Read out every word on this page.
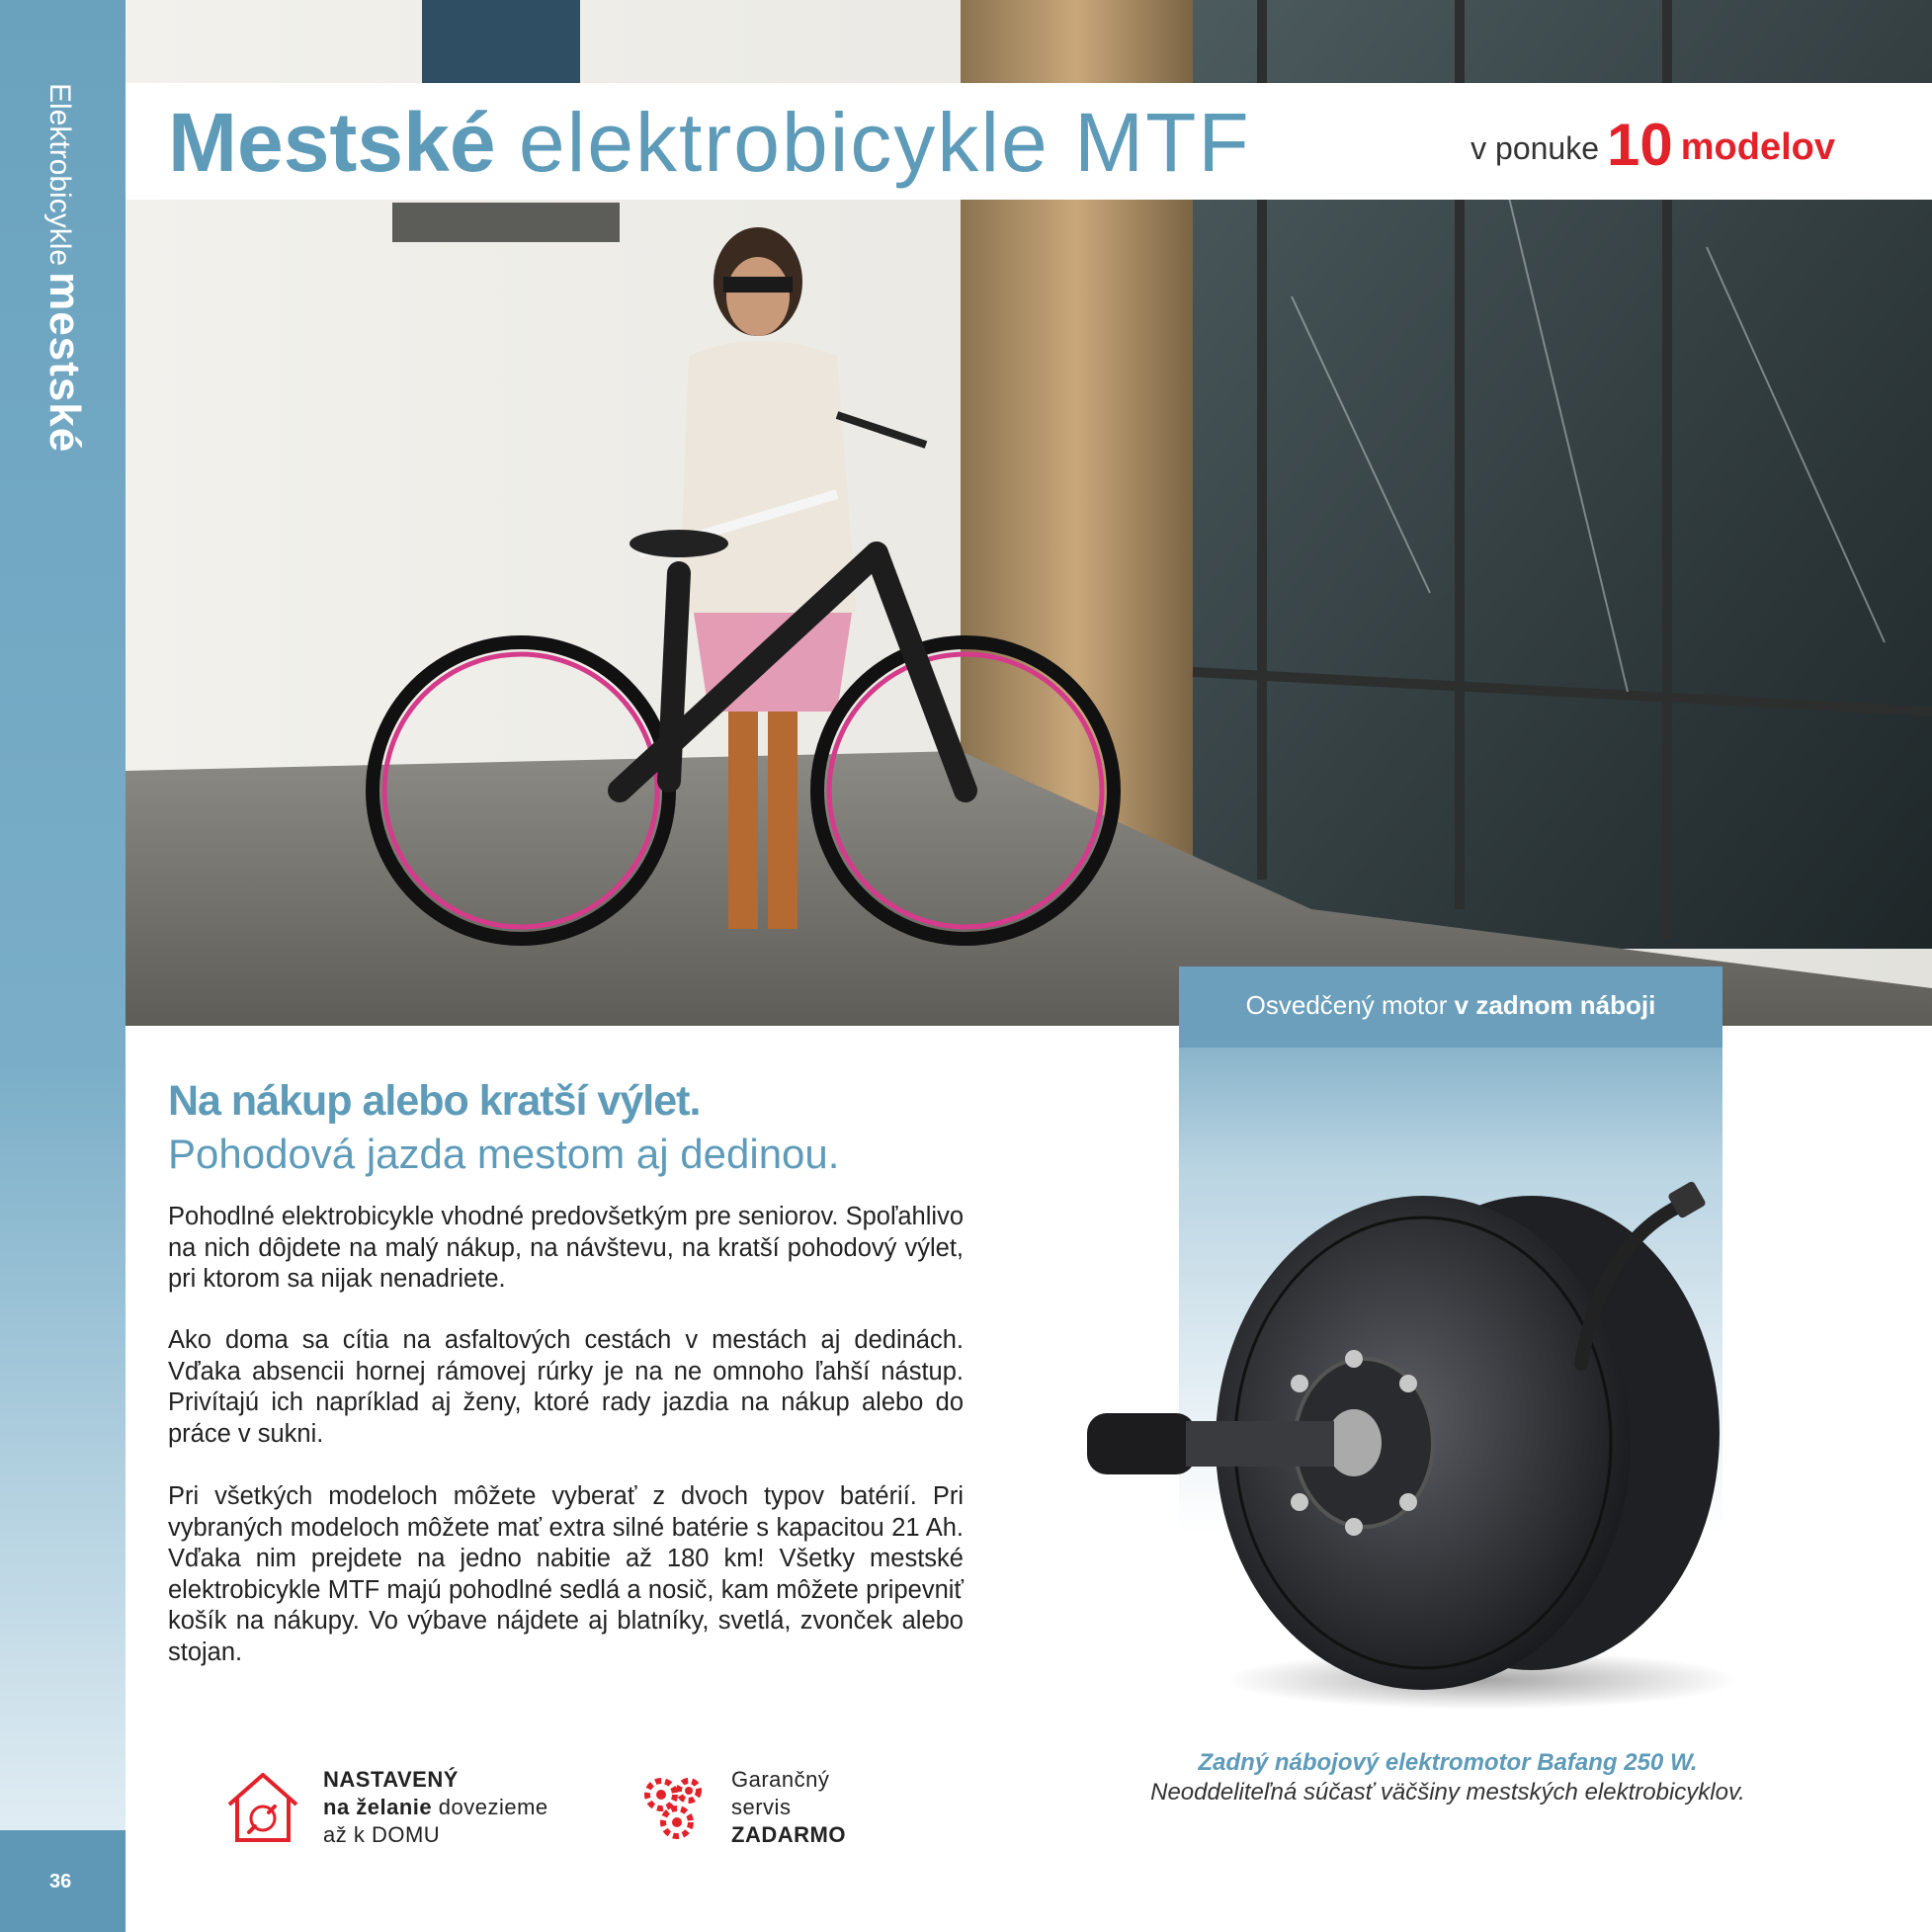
Elektrobicyklemestské
36
Mestské elektrobicykle MTF	v ponuke 10 modelov
Osvedčený motor v zadnom náboji
Zadný nábojový elektromotor Bafang 250 W.
Neoddeliteľná súčasť väčšiny mestských elektrobicyklov.
Na nákup alebo kratší výlet.
Pohodová jazda mestom aj dedinou.
Pohodlné elektrobicykle vhodné predovšetkým pre seniorov. Spoľahlivo na nich dôjdete na malý nákup, na návštevu, na kratší pohodový výlet, pri ktorom sa nijak nenadriete.
Ako doma sa cítia na asfaltových cestách v mestách aj dedinách. Vďaka absencii hornej rámovej rúrky je na ne omnoho ľahší nástup. Privítajú ich napríklad aj ženy, ktoré rady jazdia na nákup alebo do práce v sukni.
Pri všetkých modeloch môžete vyberať z dvoch typov batérií. Pri vybraných modeloch môžete mať extra silné batérie s kapacitou 21 Ah. Vďaka nim prejdete na jedno nabitie až 180 km! Všetky mestské elektrobicykle MTF majú pohodlné sedlá a nosič, kam môžete pripevniť košík na nákupy. Vo výbave nájdete aj blatníky, svetlá, zvonček alebo stojan.
NASTAVENÝ
na želanie dovezieme
až k DOMU
Garančný
servis
ZADARMO
